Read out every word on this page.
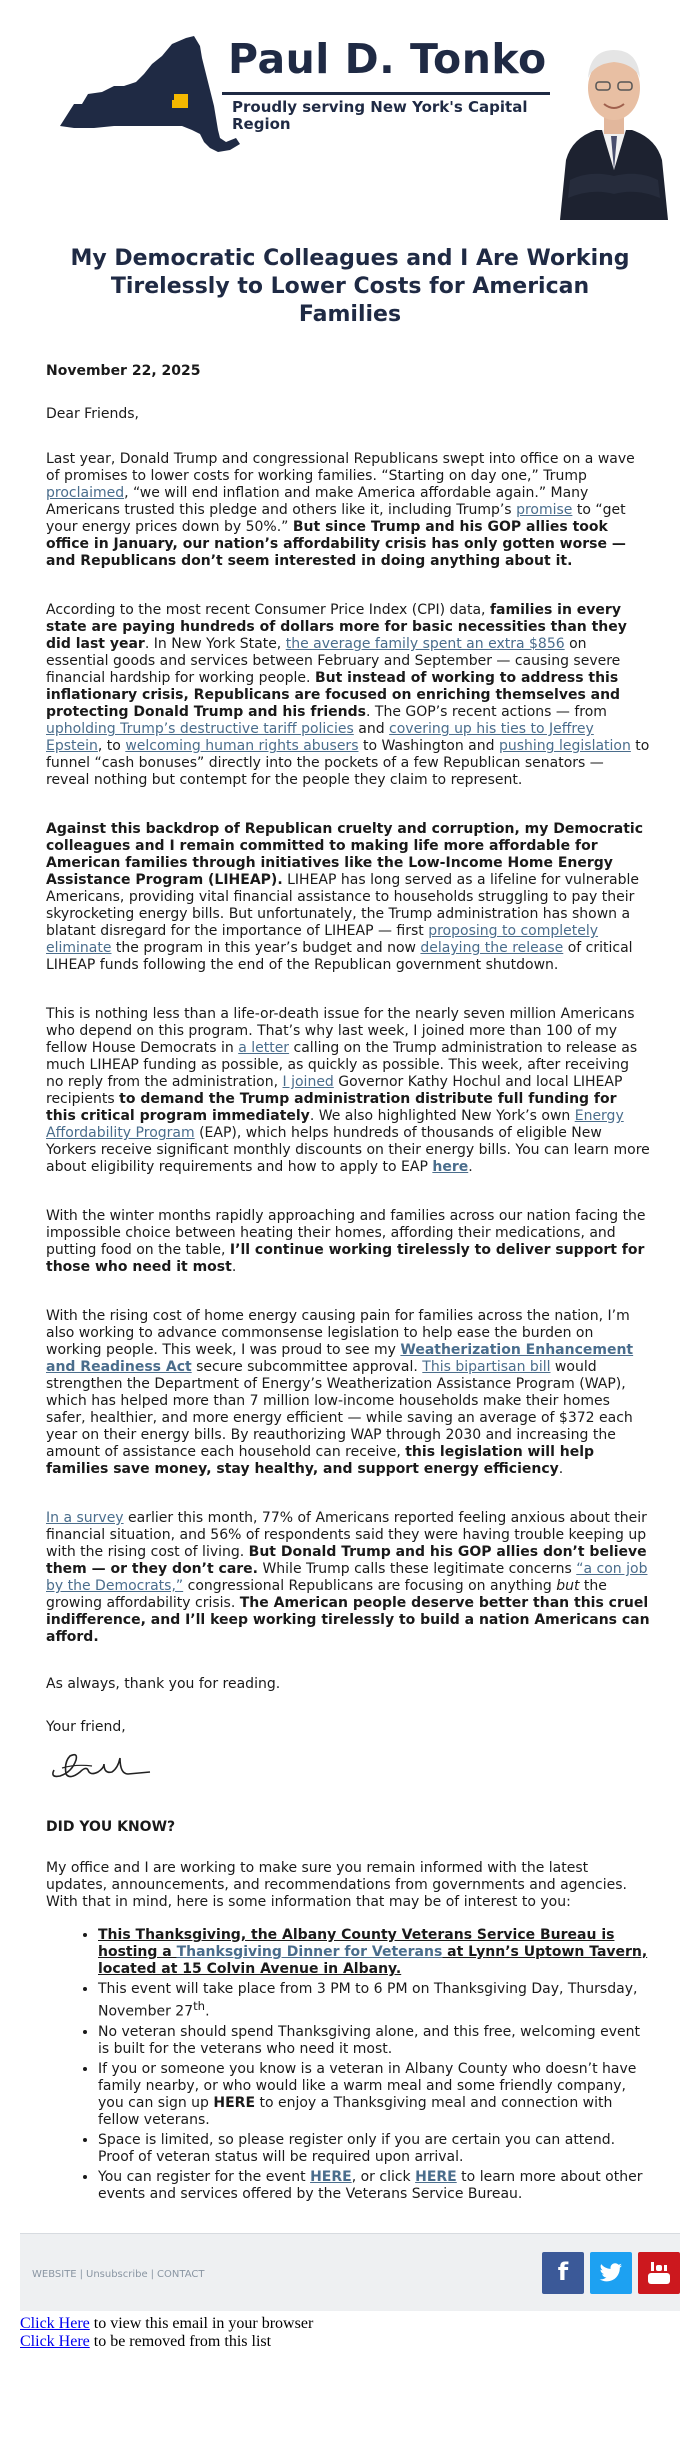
Paul D. Tonko
Proudly serving New York's Capital Region
My Democratic Colleagues and I Are Working Tirelessly to Lower Costs for American Families
November 22, 2025
Dear Friends,

Last year, Donald Trump and congressional Republicans swept into office on a wave of promises to lower costs for working families. “Starting on day one,” Trump proclaimed, “we will end inflation and make America affordable again.” Many Americans trusted this pledge and others like it, including Trump’s promise to “get your energy prices down by 50%.” But since Trump and his GOP allies took office in January, our nation’s affordability crisis has only gotten worse — and Republicans don’t seem interested in doing anything about it.

According to the most recent Consumer Price Index (CPI) data, families in every state are paying hundreds of dollars more for basic necessities than they did last year. In New York State, the average family spent an extra $856 on essential goods and services between February and September — causing severe financial hardship for working people. But instead of working to address this inflationary crisis, Republicans are focused on enriching themselves and protecting Donald Trump and his friends. The GOP’s recent actions — from upholding Trump’s destructive tariff policies and covering up his ties to Jeffrey Epstein, to welcoming human rights abusers to Washington and pushing legislation to funnel “cash bonuses” directly into the pockets of a few Republican senators — reveal nothing but contempt for the people they claim to represent.

Against this backdrop of Republican cruelty and corruption, my Democratic colleagues and I remain committed to making life more affordable for American families through initiatives like the Low-Income Home Energy Assistance Program (LIHEAP). LIHEAP has long served as a lifeline for vulnerable Americans, providing vital financial assistance to households struggling to pay their skyrocketing energy bills. But unfortunately, the Trump administration has shown a blatant disregard for the importance of LIHEAP — first proposing to completely eliminate the program in this year’s budget and now delaying the release of critical LIHEAP funds following the end of the Republican government shutdown.

This is nothing less than a life-or-death issue for the nearly seven million Americans who depend on this program. That’s why last week, I joined more than 100 of my fellow House Democrats in a letter calling on the Trump administration to release as much LIHEAP funding as possible, as quickly as possible. This week, after receiving no reply from the administration, I joined Governor Kathy Hochul and local LIHEAP recipients to demand the Trump administration distribute full funding for this critical program immediately. We also highlighted New York’s own Energy Affordability Program (EAP), which helps hundreds of thousands of eligible New Yorkers receive significant monthly discounts on their energy bills. You can learn more about eligibility requirements and how to apply to EAP here.

With the winter months rapidly approaching and families across our nation facing the impossible choice between heating their homes, affording their medications, and putting food on the table, I’ll continue working tirelessly to deliver support for those who need it most.

With the rising cost of home energy causing pain for families across the nation, I’m also working to advance commonsense legislation to help ease the burden on working people. This week, I was proud to see my Weatherization Enhancement and Readiness Act secure subcommittee approval. This bipartisan bill would strengthen the Department of Energy’s Weatherization Assistance Program (WAP), which has helped more than 7 million low-income households make their homes safer, healthier, and more energy efficient — while saving an average of $372 each year on their energy bills. By reauthorizing WAP through 2030 and increasing the amount of assistance each household can receive, this legislation will help families save money, stay healthy, and support energy efficiency.

In a survey earlier this month, 77% of Americans reported feeling anxious about their financial situation, and 56% of respondents said they were having trouble keeping up with the rising cost of living. But Donald Trump and his GOP allies don’t believe them — or they don’t care. While Trump calls these legitimate concerns “a con job by the Democrats,” congressional Republicans are focusing on anything but the growing affordability crisis. The American people deserve better than this cruel indifference, and I’ll keep working tirelessly to build a nation Americans can afford.

As always, thank you for reading.
Your friend,
DID YOU KNOW?
My office and I are working to make sure you remain informed with the latest updates, announcements, and recommendations from governments and agencies. With that in mind, here is some information that may be of interest to you:
• This Thanksgiving, the Albany County Veterans Service Bureau is hosting a Thanksgiving Dinner for Veterans at Lynn’s Uptown Tavern, located at 15 Colvin Avenue in Albany.
• This event will take place from 3 PM to 6 PM on Thanksgiving Day, Thursday, November 27th.
• No veteran should spend Thanksgiving alone, and this free, welcoming event is built for the veterans who need it most.
• If you or someone you know is a veteran in Albany County who doesn’t have family nearby, or who would like a warm meal and some friendly company, you can sign up HERE to enjoy a Thanksgiving meal and connection with fellow veterans.
• Space is limited, so please register only if you are certain you can attend. Proof of veteran status will be required upon arrival.
• You can register for the event HERE, or click HERE to learn more about other events and services offered by the Veterans Service Bureau.
WEBSITE | Unsubscribe | CONTACT	f
Click Here to view this email in your browser
Click Here to be removed from this list
